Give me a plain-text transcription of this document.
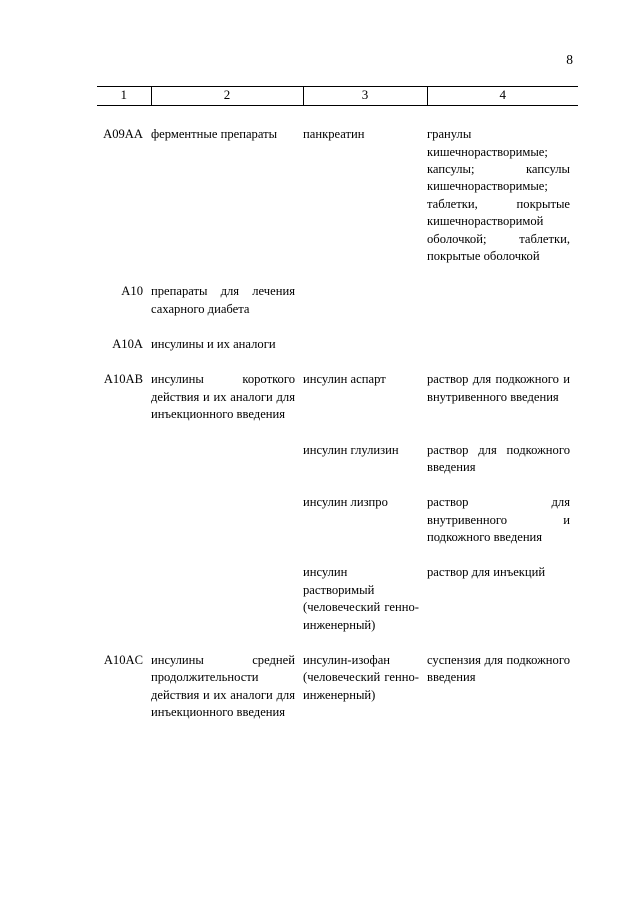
8
1	2	3	4
A09AA	ферментные препараты	панкреатин	гранулы кишечнорастворимые; капсулы; капсулы кишечнорастворимые; таблетки, покрытые кишечнорастворимой оболочкой; таблетки, покрытые оболочкой

A10	препараты для лечения сахарного диабета		

A10A	инсулины и их аналоги		

A10AB	инсулины короткого действия и их аналоги для инъекционного введения	инсулин аспарт	раствор для подкожного и внутривенного введения

		инсулин глулизин	раствор для подкожного введения

		инсулин лизпро	раствор для внутривенного и подкожного введения

		инсулин растворимый (человеческий генно-инженерный)	раствор для инъекций

A10AC	инсулины средней продолжительности действия и их аналоги для инъекционного введения	инсулин-изофан (человеческий генно-инженерный)	суспензия для подкожного введения
